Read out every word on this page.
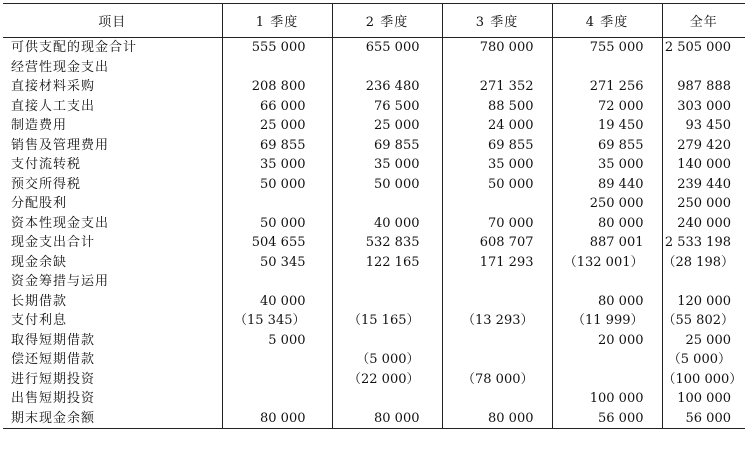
项目	1 季度	2 季度	3 季度	4 季度	全年
可供支配的现金合计	555 000	655 000	780 000	755 000	2 505 000
经营性现金支出					
直接材料采购	208 800	236 480	271 352	271 256	987 888
直接人工支出	66 000	76 500	88 500	72 000	303 000
制造费用	25 000	25 000	24 000	19 450	93 450
销售及管理费用	69 855	69 855	69 855	69 855	279 420
支付流转税	35 000	35 000	35 000	35 000	140 000
预交所得税	50 000	50 000	50 000	89 440	239 440
分配股利				250 000	250 000
资本性现金支出	50 000	40 000	70 000	80 000	240 000
现金支出合计	504 655	532 835	608 707	887 001	2 533 198
现金余缺	50 345	122 165	171 293	（132 001）	（28 198）
资金筹措与运用					
长期借款	40 000			80 000	120 000
支付利息	（15 345）	（15 165）	（13 293）	（11 999）	（55 802）
取得短期借款	5 000			20 000	25 000
偿还短期借款		（5 000）			（5 000）
进行短期投资		（22 000）	（78 000）		（100 000）
出售短期投资				100 000	100 000
期末现金余额	80 000	80 000	80 000	56 000	56 000
